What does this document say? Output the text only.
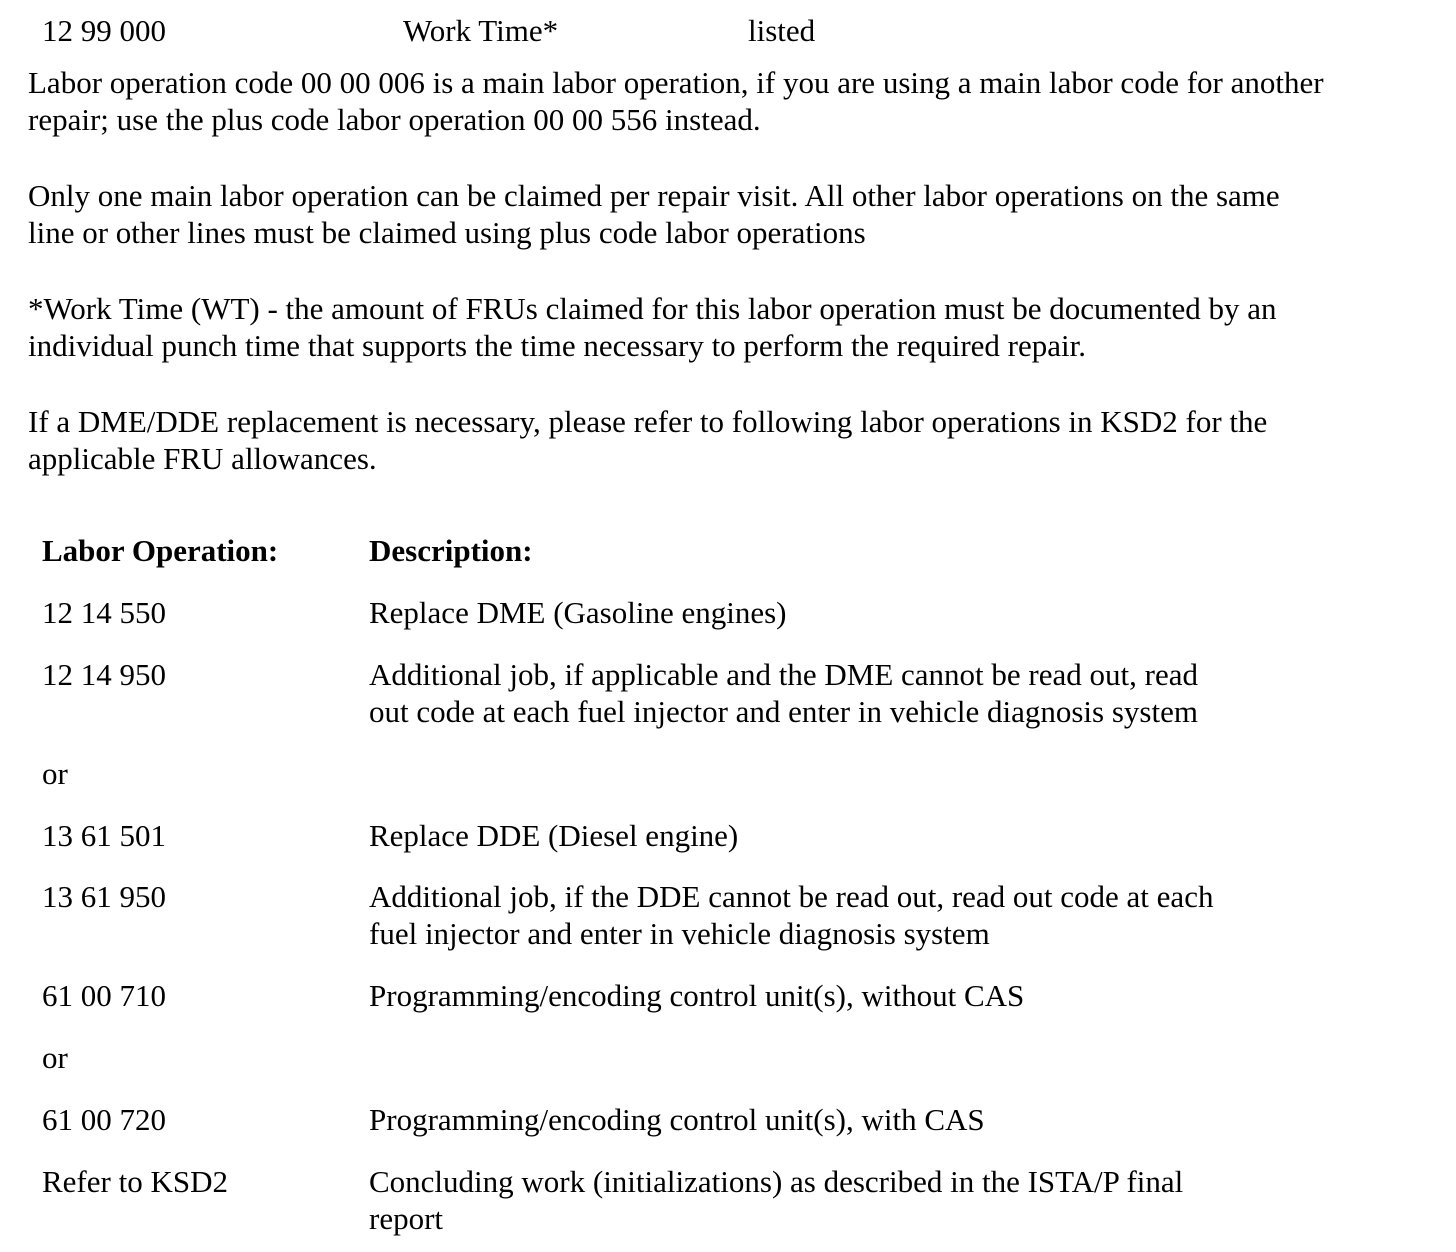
12 99 000	Work Time*	listed
Labor operation code 00 00 006 is a main labor operation, if you are using a main labor code for another
repair; use the plus code labor operation 00 00 556 instead.
Only one main labor operation can be claimed per repair visit. All other labor operations on the same
line or other lines must be claimed using plus code labor operations
*Work Time (WT) - the amount of FRUs claimed for this labor operation must be documented by an
individual punch time that supports the time necessary to perform the required repair.
If a DME/DDE replacement is necessary, please refer to following labor operations in KSD2 for the
applicable FRU allowances.
Labor Operation:	Description:
12 14 550	Replace DME (Gasoline engines)
12 14 950	Additional job, if applicable and the DME cannot be read out, read
out code at each fuel injector and enter in vehicle diagnosis system
or
13 61 501	Replace DDE (Diesel engine)
13 61 950	Additional job, if the DDE cannot be read out, read out code at each
fuel injector and enter in vehicle diagnosis system
61 00 710	Programming/encoding control unit(s), without CAS
or
61 00 720	Programming/encoding control unit(s), with CAS
Refer to KSD2	Concluding work (initializations) as described in the ISTA/P final
report
